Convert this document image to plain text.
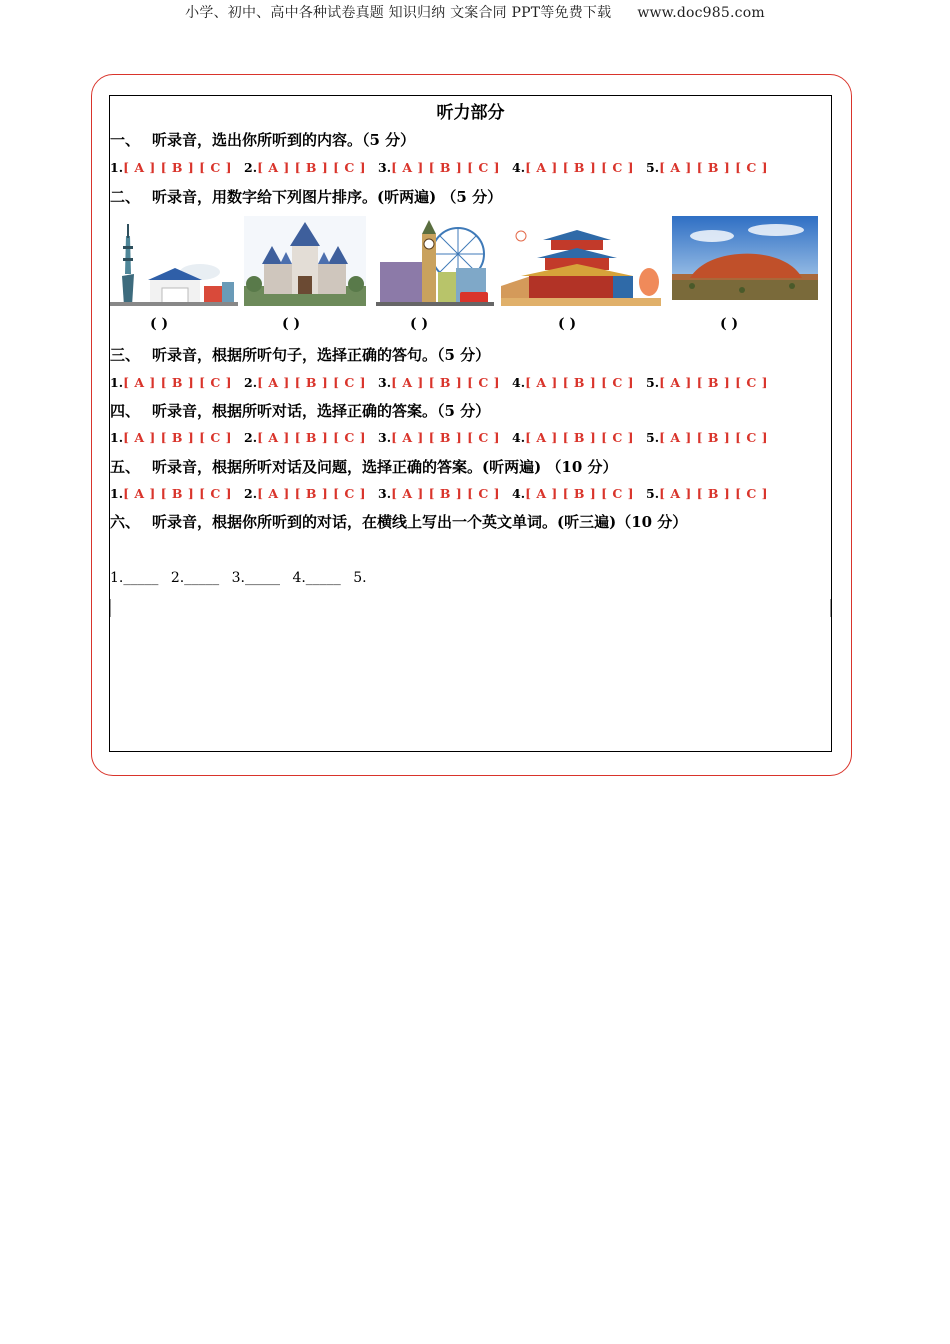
小学、初中、高中各种试卷真题 知识归纳 文案合同 PPT等免费下载 www.doc985.com
听力部分
一、 听录音，选出你所听到的内容。（5 分）
1.[ A ] [ B ] [ C ] 2.[ A ] [ B ] [ C ] 3.[ A ] [ B ] [ C ] 4.[ A ] [ B ] [ C ] 5.[ A ] [ B ] [ C ]
二、 听录音，用数字给下列图片排序。(听两遍) （5 分）
( )	( )	( )	( )	( )
三、 听录音，根据所听句子，选择正确的答句。（5 分）
1.[ A ] [ B ] [ C ] 2.[ A ] [ B ] [ C ] 3.[ A ] [ B ] [ C ] 4.[ A ] [ B ] [ C ] 5.[ A ] [ B ] [ C ]
四、 听录音，根据所听对话，选择正确的答案。（5 分）
1.[ A ] [ B ] [ C ] 2.[ A ] [ B ] [ C ] 3.[ A ] [ B ] [ C ] 4.[ A ] [ B ] [ C ] 5.[ A ] [ B ] [ C ]
五、 听录音，根据所听对话及问题，选择正确的答案。(听两遍) （10 分）
1.[ A ] [ B ] [ C ] 2.[ A ] [ B ] [ C ] 3.[ A ] [ B ] [ C ] 4.[ A ] [ B ] [ C ] 5.[ A ] [ B ] [ C ]
六、 听录音，根据你所听到的对话，在横线上写出一个英文单词。(听三遍)（10 分）
1._____ 2._____ 3._____ 4._____ 5.
